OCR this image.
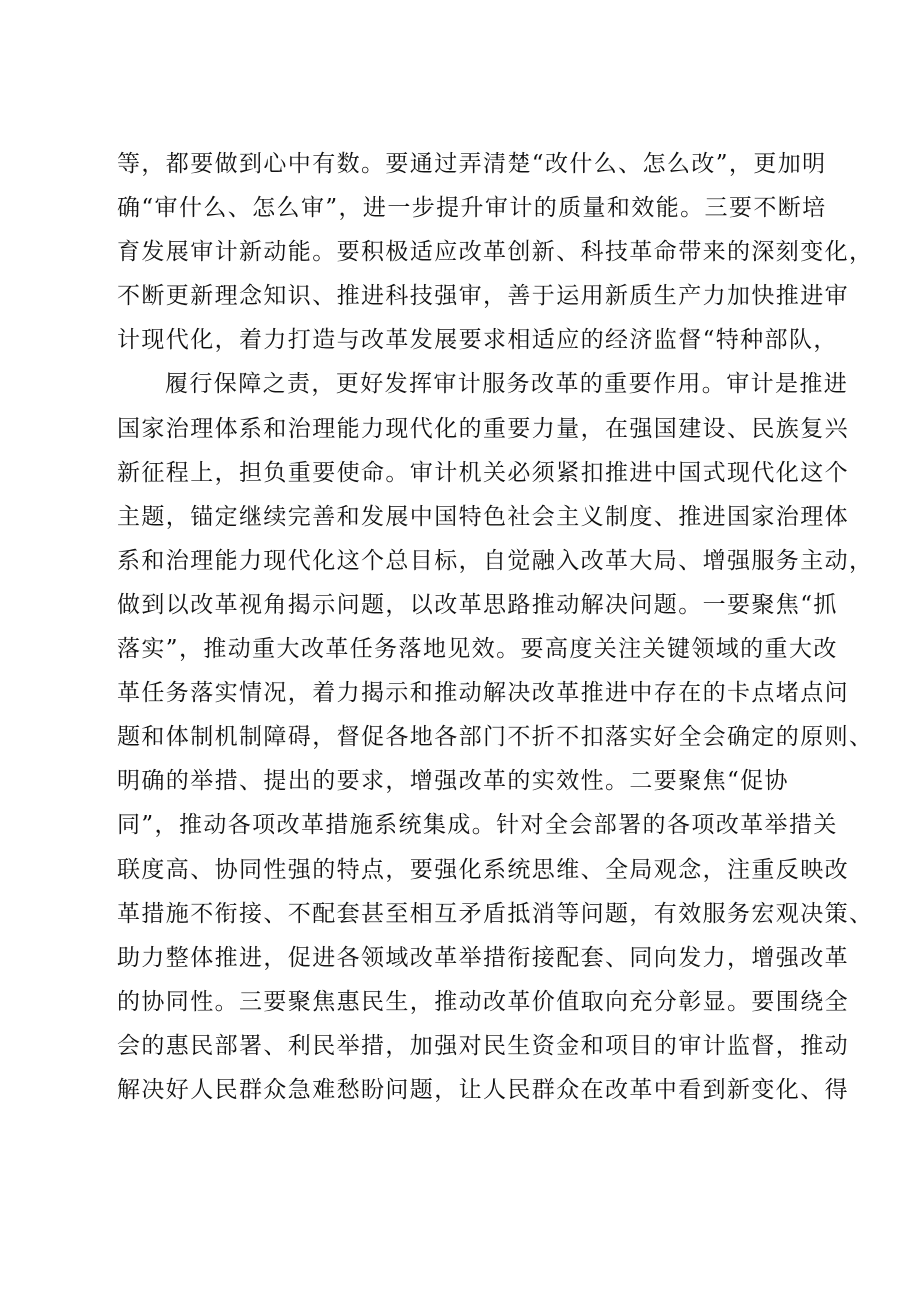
等，都要做到心中有数。要通过弄清楚“改什么、怎么改”，更加明
确“审什么、怎么审”，进一步提升审计的质量和效能。三要不断培
育发展审计新动能。要积极适应改革创新、科技革命带来的深刻变化，
不断更新理念知识、推进科技强审，善于运用新质生产力加快推进审
计现代化，着力打造与改革发展要求相适应的经济监督“特种部队，
履行保障之责，更好发挥审计服务改革的重要作用。审计是推进
国家治理体系和治理能力现代化的重要力量，在强国建设、民族复兴
新征程上，担负重要使命。审计机关必须紧扣推进中国式现代化这个
主题，锚定继续完善和发展中国特色社会主义制度、推进国家治理体
系和治理能力现代化这个总目标，自觉融入改革大局、增强服务主动，
做到以改革视角揭示问题，以改革思路推动解决问题。一要聚焦“抓
落实”，推动重大改革任务落地见效。要高度关注关键领域的重大改
革任务落实情况，着力揭示和推动解决改革推进中存在的卡点堵点问
题和体制机制障碍，督促各地各部门不折不扣落实好全会确定的原则、
明确的举措、提出的要求，增强改革的实效性。二要聚焦“促协
同”，推动各项改革措施系统集成。针对全会部署的各项改革举措关
联度高、协同性强的特点，要强化系统思维、全局观念，注重反映改
革措施不衔接、不配套甚至相互矛盾抵消等问题，有效服务宏观决策、
助力整体推进，促进各领域改革举措衔接配套、同向发力，增强改革
的协同性。三要聚焦惠民生，推动改革价值取向充分彰显。要围绕全
会的惠民部署、利民举措，加强对民生资金和项目的审计监督，推动
解决好人民群众急难愁盼问题，让人民群众在改革中看到新变化、得
